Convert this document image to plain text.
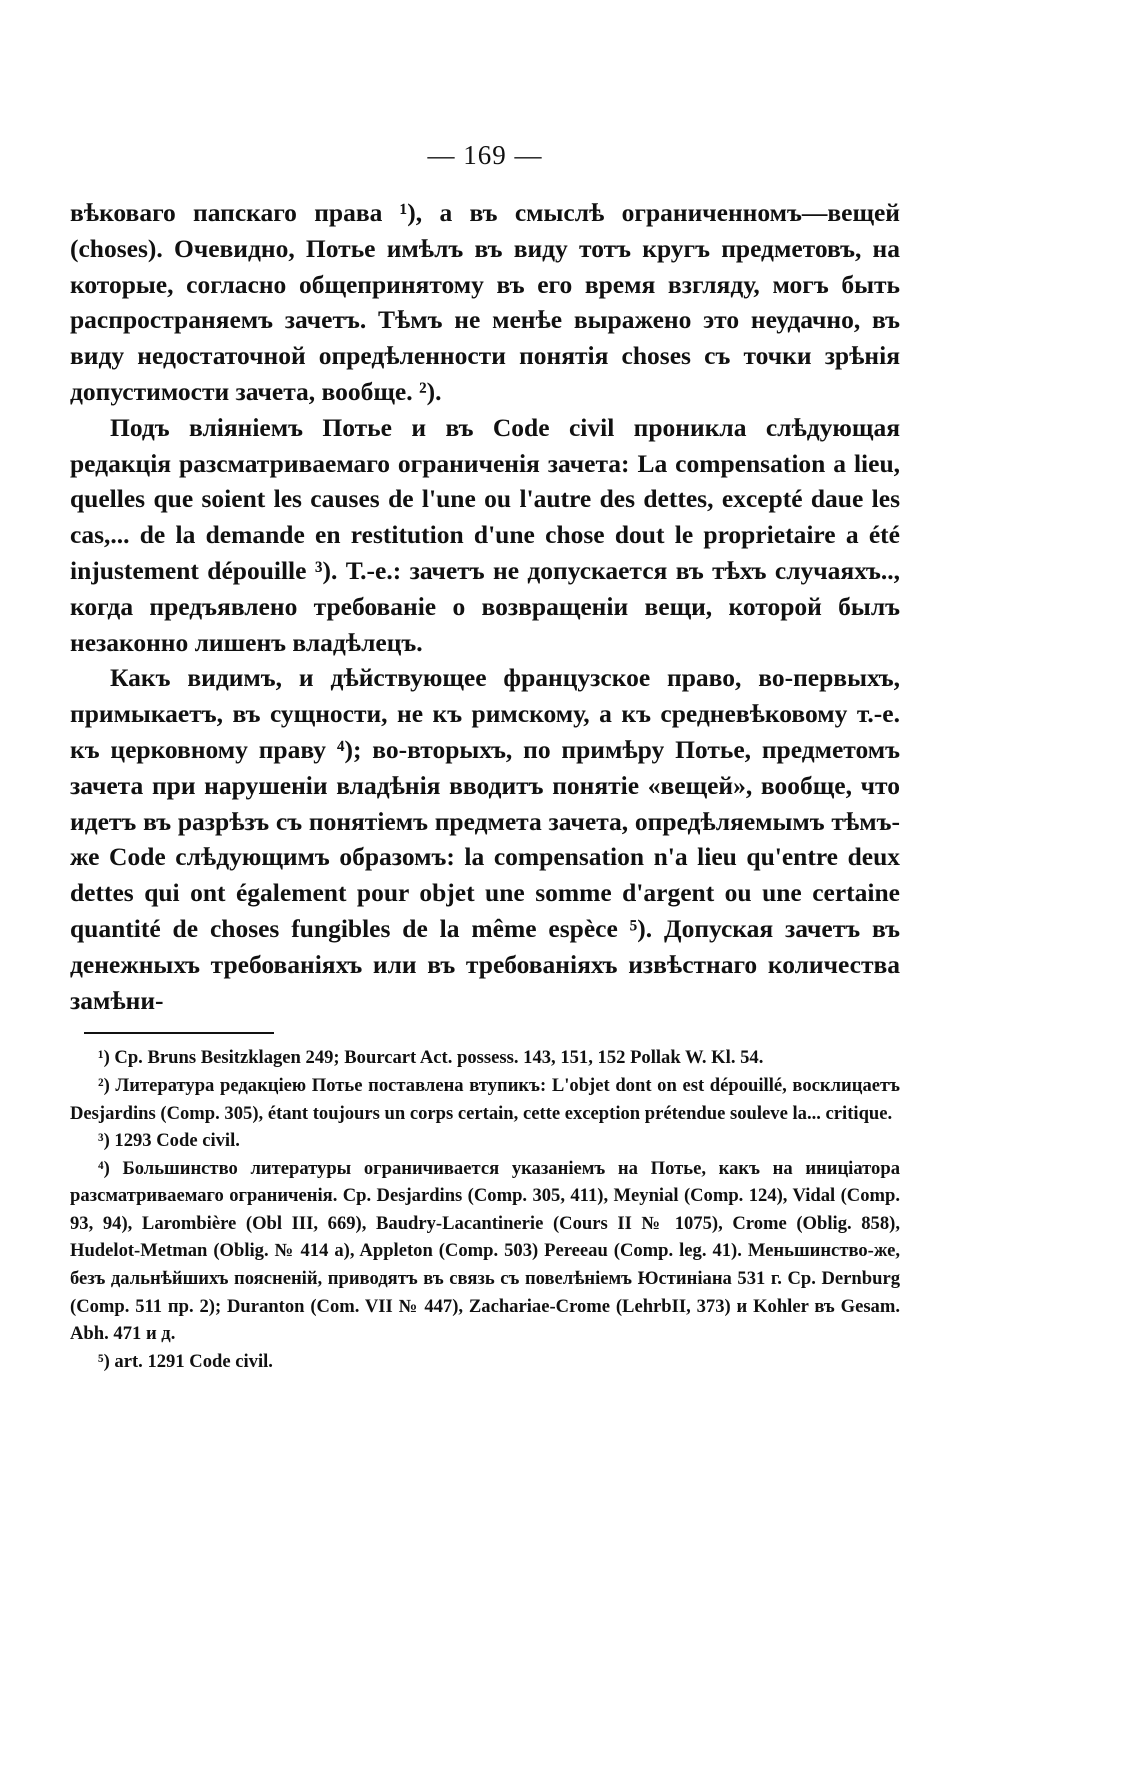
— 169 —

вѣковаго папскаго права ¹), а въ смыслѣ ограниченномъ—вещей (choses). Очевидно, Потье имѣлъ въ виду тотъ кругъ предметовъ, на которые, согласно общепринятому въ его время взгляду, могъ быть распространяемъ зачетъ. Тѣмъ не менѣе выражено это неудачно, въ виду недостаточной опредѣленности понятія choses съ точки зрѣнія допустимости зачета, вообще. ²).

Подъ вліяніемъ Потье и въ Code civil проникла слѣдующая редакція разсматриваемаго ограниченія зачета: La compensation a lieu, quelles que soient les causes de l'une ou l'autre des dettes, excepté daue les cas,... de la demande en restitution d'une chose dout le proprietaire a été injustement dépouille ³). Т.-е.: зачетъ не допускается въ тѣхъ случаяхъ.., когда предъявлено требованіе о возвращеніи вещи, которой былъ незаконно лишенъ владѣлецъ.

Какъ видимъ, и дѣйствующее французское право, во-первыхъ, примыкаетъ, въ сущности, не къ римскому, а къ средневѣковому т.-е. къ церковному праву ⁴); во-вторыхъ, по примѣру Потье, предметомъ зачета при нарушеніи владѣнія вводитъ понятіе «вещей», вообще, что идетъ въ разрѣзъ съ понятіемъ предмета зачета, опредѣляемымъ тѣмъ-же Code слѣдующимъ образомъ: la compensation n'a lieu qu'entre deux dettes qui ont également pour objet une somme d'argent ou une certaine quantité de choses fungibles de la même espèce ⁵). Допуская зачетъ въ денежныхъ требованіяхъ или въ требованіяхъ извѣстнаго количества замѣни-

¹) Cp. Bruns Besitzklagen 249; Bourcart Act. possess. 143, 151, 152 Pollak W. Kl. 54.

²) Литература редакціею Потье поставлена втупикъ: L'objet dont on est dépouillé, восклицаетъ Desjardins (Comp. 305), étant toujours un corps certain, cette exception prétendue souleve la... critique.

³) 1293 Code civil.

⁴) Большинство литературы ограничивается указаніемъ на Потье, какъ на иниціатора разсматриваемаго ограниченія. Cp. Desjardins (Comp. 305, 411), Meynial (Comp. 124), Vidal (Comp. 93, 94), Larombière (Obl III, 669), Baudry-Lacantinerie (Cours II № 1075), Crome (Oblig. 858), Hudelot-Metman (Oblig. № 414 a), Appleton (Comp. 503) Pereeau (Comp. leg. 41). Меньшинство-же, безъ дальнѣйшихъ поясненій, приводятъ въ связь съ повелѣніемъ Юстиніана 531 г. Cp. Dernburg (Comp. 511 пр. 2); Duranton (Com. VII № 447), Zachariae-Crome (LehrbII, 373) и Kohler въ Gesam. Abh. 471 и д.

⁵) art. 1291 Code civil.
